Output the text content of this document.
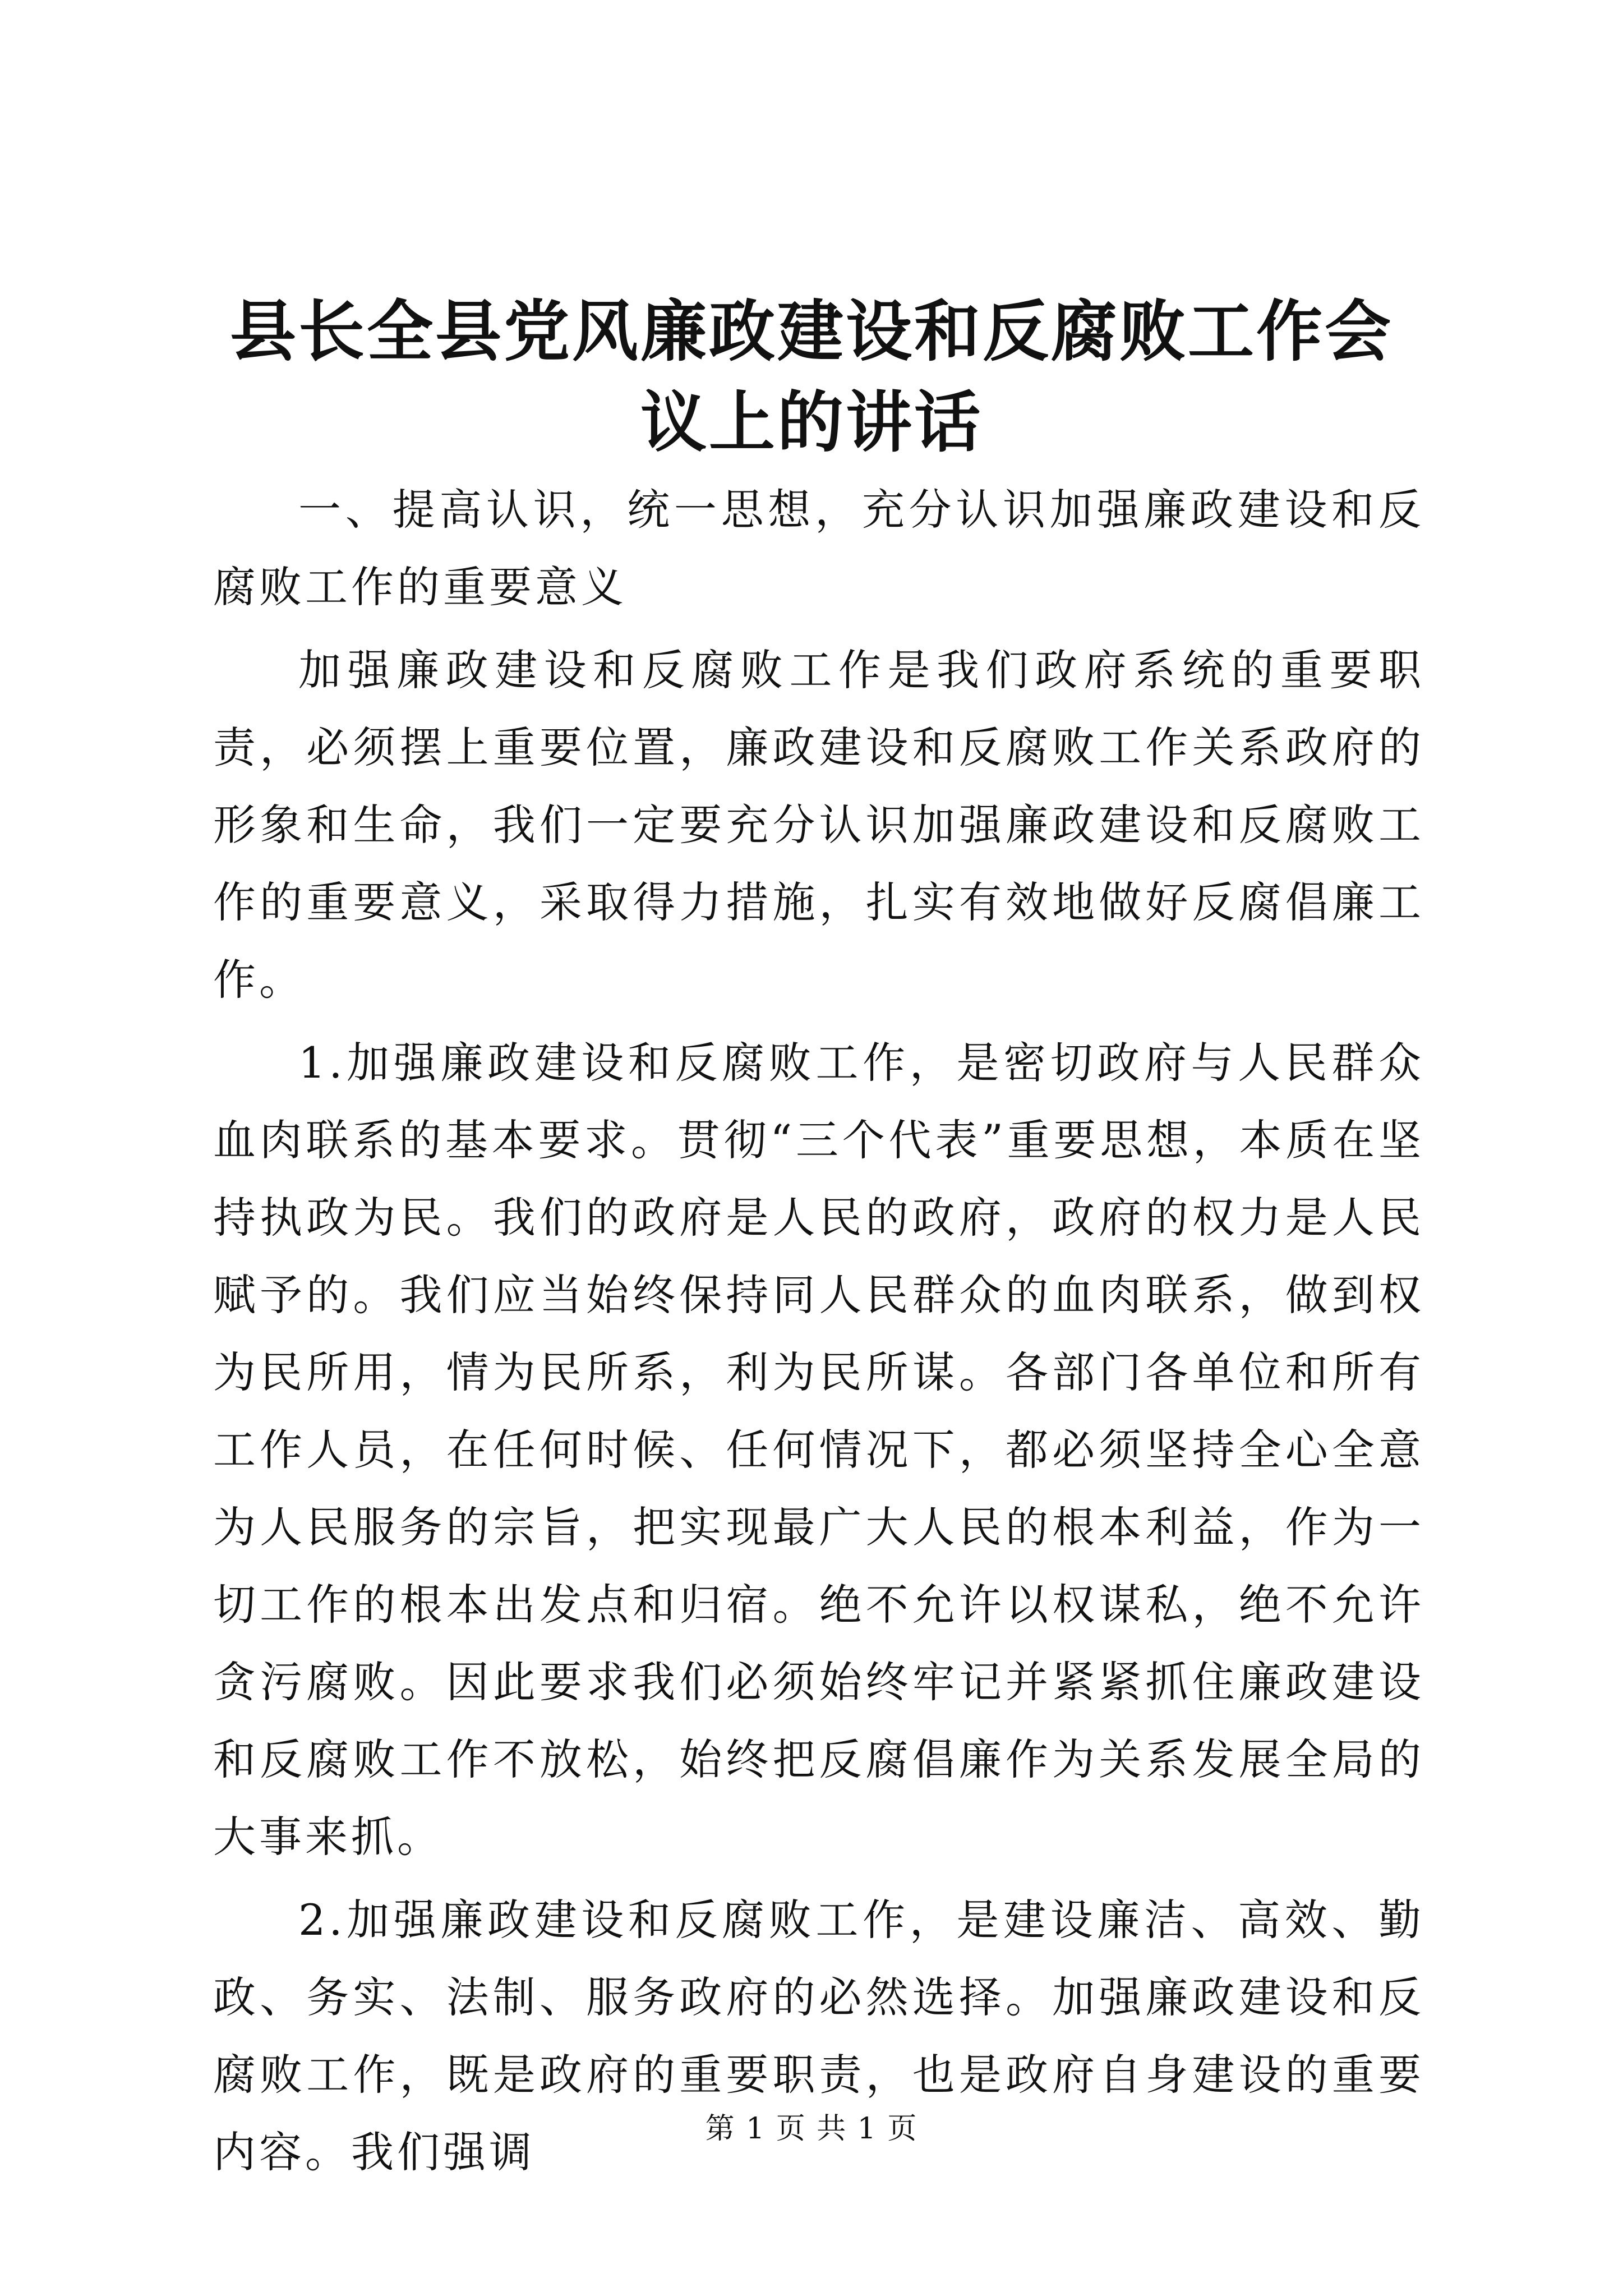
县长全县党风廉政建设和反腐败工作会议上的讲话

一、提高认识，统一思想，充分认识加强廉政建设和反腐败工作的重要意义

加强廉政建设和反腐败工作是我们政府系统的重要职责，必须摆上重要位置，廉政建设和反腐败工作关系政府的形象和生命，我们一定要充分认识加强廉政建设和反腐败工作的重要意义，采取得力措施，扎实有效地做好反腐倡廉工作。

1.加强廉政建设和反腐败工作，是密切政府与人民群众血肉联系的基本要求。贯彻“三个代表”重要思想，本质在坚持执政为民。我们的政府是人民的政府，政府的权力是人民赋予的。我们应当始终保持同人民群众的血肉联系，做到权为民所用，情为民所系，利为民所谋。各部门各单位和所有工作人员，在任何时候、任何情况下，都必须坚持全心全意为人民服务的宗旨，把实现最广大人民的根本利益，作为一切工作的根本出发点和归宿。绝不允许以权谋私，绝不允许贪污腐败。因此要求我们必须始终牢记并紧紧抓住廉政建设和反腐败工作不放松，始终把反腐倡廉作为关系发展全局的大事来抓。

2.加强廉政建设和反腐败工作，是建设廉洁、高效、勤政、务实、法制、服务政府的必然选择。加强廉政建设和反腐败工作，既是政府的重要职责，也是政府自身建设的重要内容。我们强调	第 1 页 共 1 页
